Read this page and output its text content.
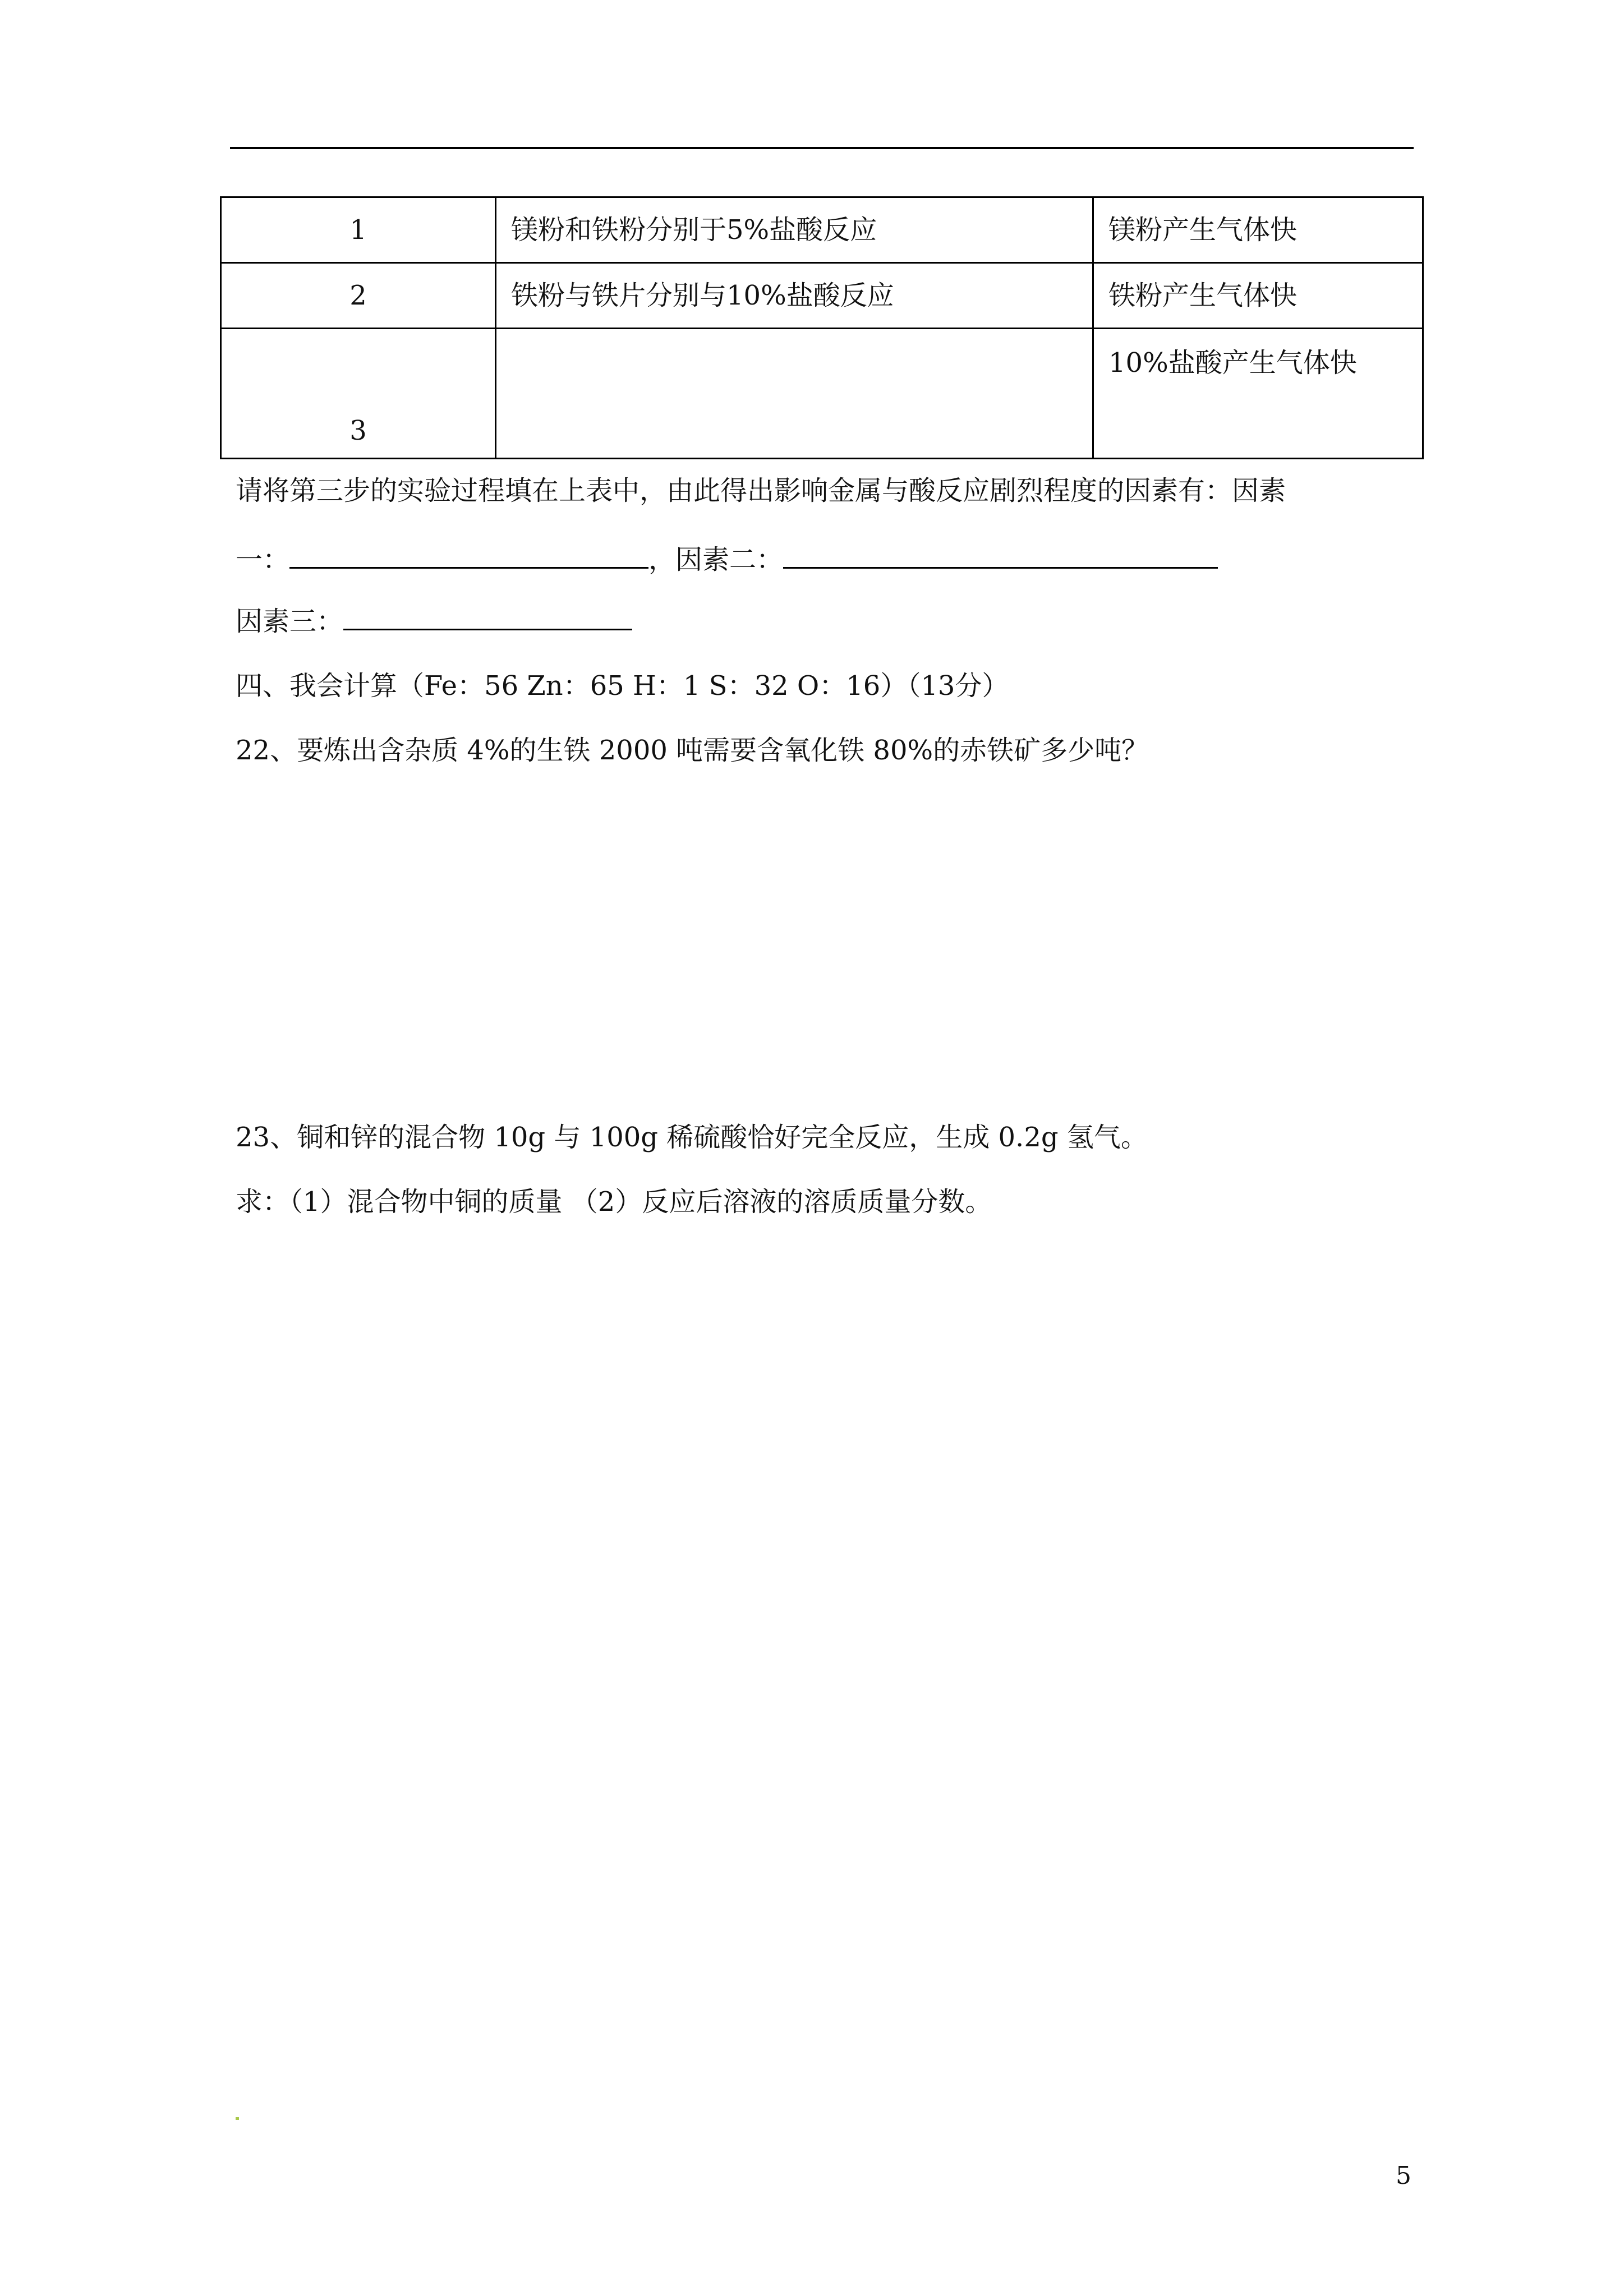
1	镁粉和铁粉分别于5%盐酸反应	镁粉产生气体快
2	铁粉与铁片分别与10%盐酸反应	铁粉产生气体快
3		10%盐酸产生气体快
请将第三步的实验过程填在上表中，由此得出影响金属与酸反应剧烈程度的因素有：因素
一：	，因素二：
因素三：
四、我会计算（Fe：56 Zn：65 H：1 S：32 O：16）（13分）
22、要炼出含杂质 4%的生铁 2000 吨需要含氧化铁 80%的赤铁矿多少吨？
23、铜和锌的混合物 10g 与 100g 稀硫酸恰好完全反应，生成 0.2g 氢气。
求：（1）混合物中铜的质量 （2）反应后溶液的溶质质量分数。
5
